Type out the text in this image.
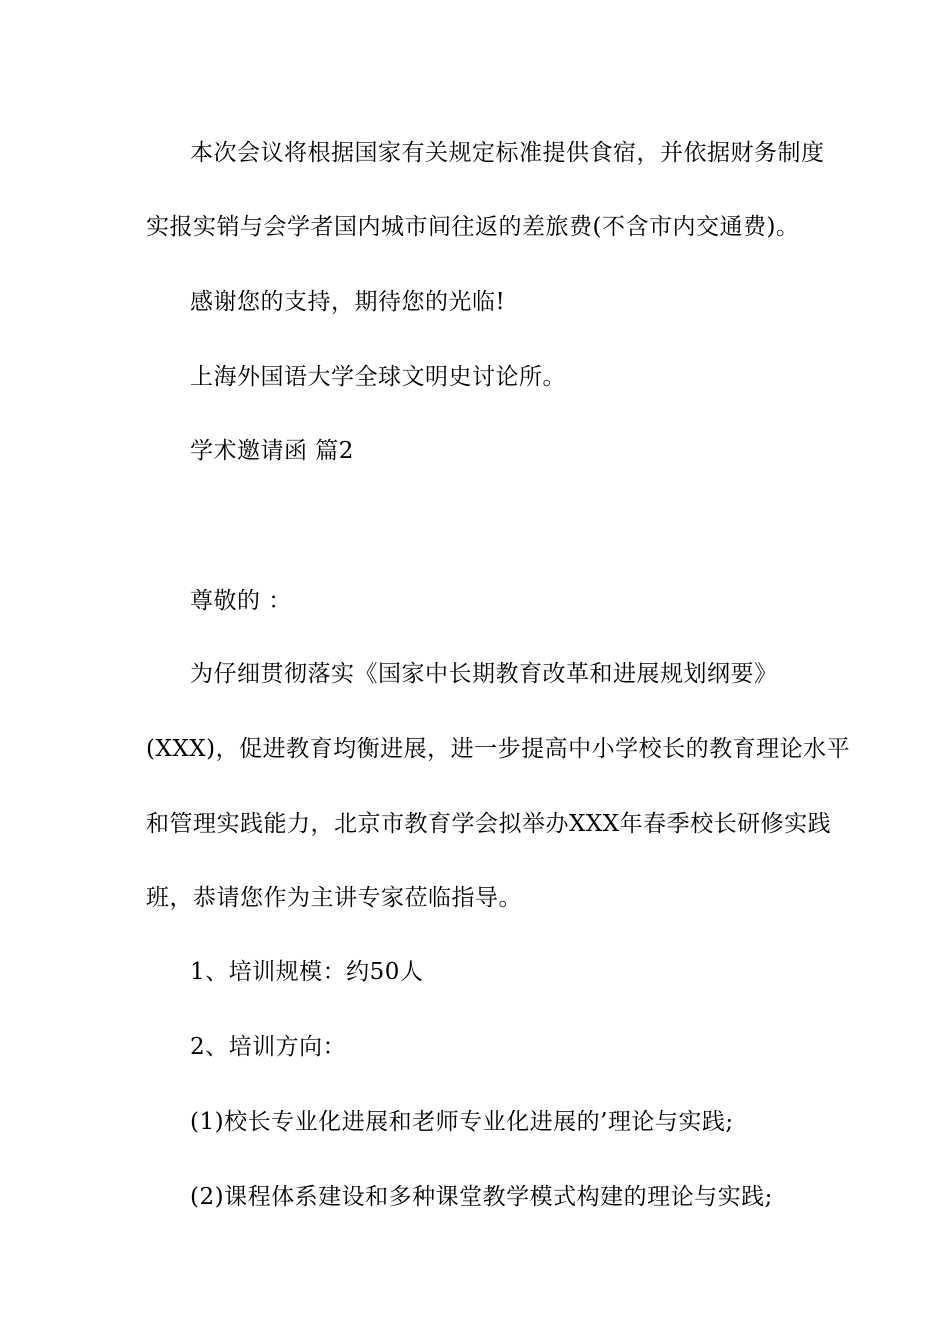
本次会议将根据国家有关规定标准提供食宿，并依据财务制度
实报实销与会学者国内城市间往返的差旅费(不含市内交通费)。
感谢您的支持，期待您的光临!
上海外国语大学全球文明史讨论所。
学术邀请函 篇2
尊敬的 ：
为仔细贯彻落实《国家中长期教育改革和进展规划纲要》
(XXX)，促进教育均衡进展，进一步提高中小学校长的教育理论水平
和管理实践能力，北京市教育学会拟举办XXX年春季校长研修实践
班，恭请您作为主讲专家莅临指导。
1、培训规模：约50人
2、培训方向：
(1)校长专业化进展和老师专业化进展的’理论与实践;
(2)课程体系建设和多种课堂教学模式构建的理论与实践;
